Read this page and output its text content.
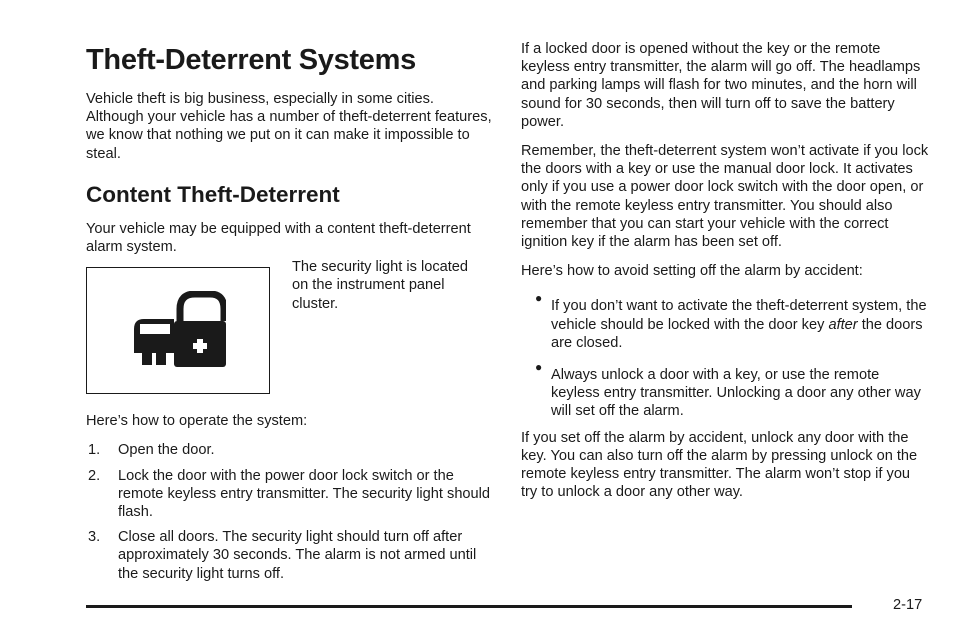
Theft-Deterrent Systems

Vehicle theft is big business, especially in some cities. Although your vehicle has a number of theft-deterrent features, we know that nothing we put on it can make it impossible to steal.

Content Theft-Deterrent

Your vehicle may be equipped with a content theft-deterrent alarm system.

The security light is located on the instrument panel cluster.

Here’s how to operate the system:

1.	Open the door.
2.	Lock the door with the power door lock switch or the remote keyless entry transmitter. The security light should flash.
3.	Close all doors. The security light should turn off after approximately 30 seconds. The alarm is not armed until the security light turns off.

If a locked door is opened without the key or the remote keyless entry transmitter, the alarm will go off. The headlamps and parking lamps will flash for two minutes, and the horn will sound for 30 seconds, then will turn off to save the battery power.

Remember, the theft-deterrent system won’t activate if you lock the doors with a key or use the manual door lock. It activates only if you use a power door lock switch with the door open, or with the remote keyless entry transmitter. You should also remember that you can start your vehicle with the correct ignition key if the alarm has been set off.

Here’s how to avoid setting off the alarm by accident:

● If you don’t want to activate the theft-deterrent system, the vehicle should be locked with the door key after the doors are closed.
● Always unlock a door with a key, or use the remote keyless entry transmitter. Unlocking a door any other way will set off the alarm.

If you set off the alarm by accident, unlock any door with the key. You can also turn off the alarm by pressing unlock on the remote keyless entry transmitter. The alarm won’t stop if you try to unlock a door any other way.

2-17
